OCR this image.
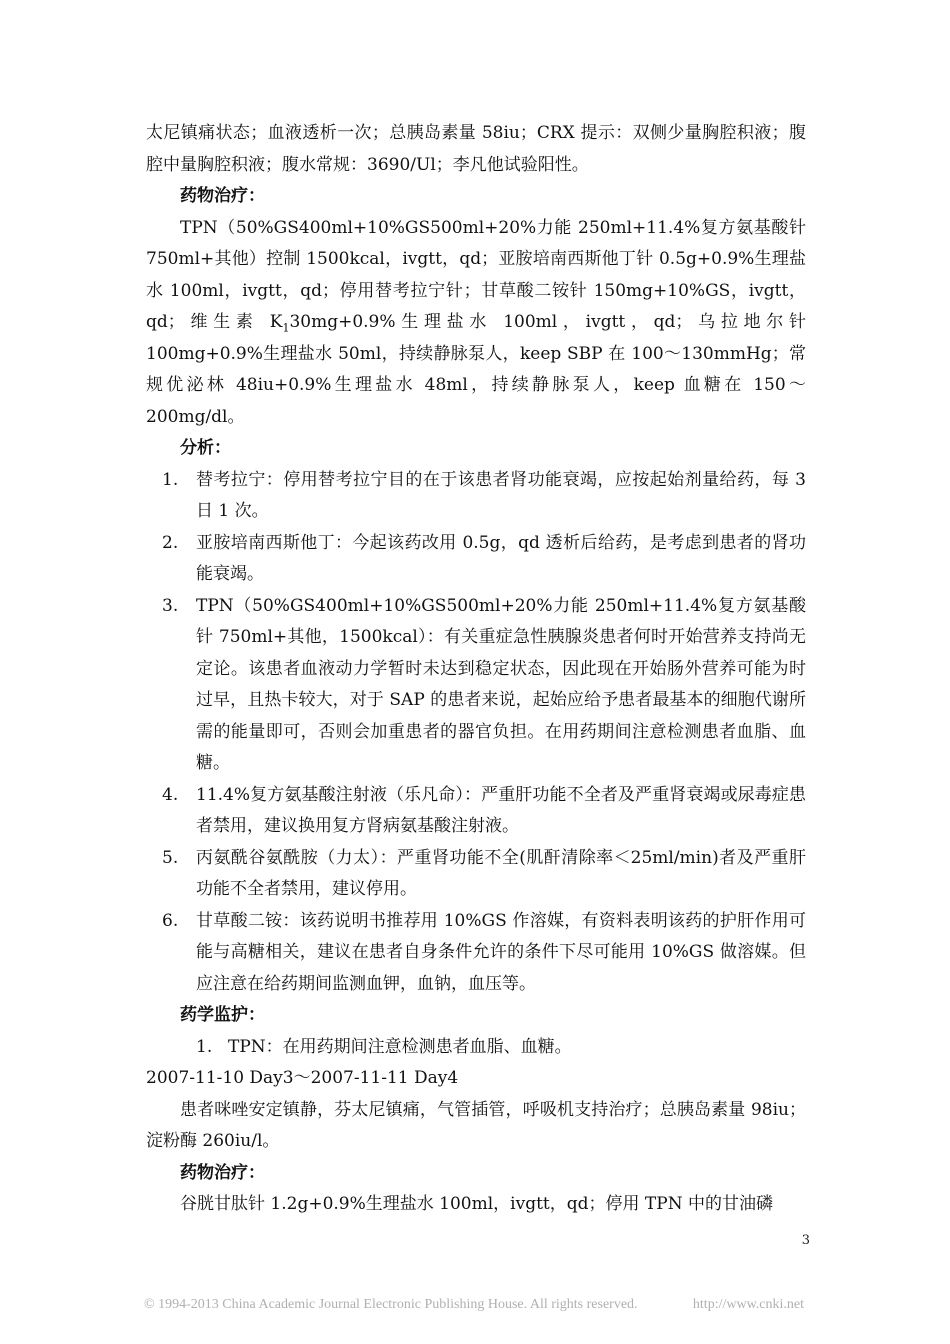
太尼镇痛状态；血液透析一次；总胰岛素量 58iu；CRX 提示：双侧少量胸腔积液；腹腔中量胸腔积液；腹水常规：3690/Ul；李凡他试验阳性。

药物治疗：

TPN（50%GS400ml+10%GS500ml+20%力能 250ml+11.4%复方氨基酸针 750ml+其他）控制 1500kcal，ivgtt，qd；亚胺培南西斯他丁针 0.5g+0.9%生理盐水 100ml，ivgtt，qd；停用替考拉宁针；甘草酸二铵针 150mg+10%GS，ivgtt，qd；维生素 $K_130mg+0.9\%$生理盐水 100ml，ivgtt，qd；乌拉地尔针 100mg+0.9%生理盐水 50ml，持续静脉泵人，keep SBP 在 100～130mmHg；常规优泌林 48iu+0.9%生理盐水 48ml，持续静脉泵人，keep 血糖在 150～200mg/dl。

分析：

1.	替考拉宁：停用替考拉宁目的在于该患者肾功能衰竭，应按起始剂量给药，每 3 日 1 次。
2.	亚胺培南西斯他丁：今起该药改用 0.5g，qd 透析后给药，是考虑到患者的肾功能衰竭。
3.	TPN（50%GS400ml+10%GS500ml+20%力能 250ml+11.4%复方氨基酸针 750ml+其他，1500kcal）：有关重症急性胰腺炎患者何时开始营养支持尚无定论。该患者血液动力学暂时未达到稳定状态，因此现在开始肠外营养可能为时过早，且热卡较大，对于 SAP 的患者来说，起始应给予患者最基本的细胞代谢所需的能量即可，否则会加重患者的器官负担。在用药期间注意检测患者血脂、血糖。
4.	11.4%复方氨基酸注射液（乐凡命）：严重肝功能不全者及严重肾衰竭或尿毒症患者禁用，建议换用复方肾病氨基酸注射液。
5.	丙氨酰谷氨酰胺（力太）：严重肾功能不全(肌酐清除率＜25ml/min)者及严重肝功能不全者禁用，建议停用。
6.	甘草酸二铵：该药说明书推荐用 10%GS 作溶媒，有资料表明该药的护肝作用可能与高糖相关，建议在患者自身条件允许的条件下尽可能用 10%GS 做溶媒。但应注意在给药期间监测血钾，血钠，血压等。

药学监护：

1. TPN：在用药期间注意检测患者血脂、血糖。

2007-11-10 Day3～2007-11-11 Day4

患者咪唑安定镇静，芬太尼镇痛，气管插管，呼吸机支持治疗；总胰岛素量 98iu；淀粉酶 260iu/l。

药物治疗：

谷胱甘肽针 1.2g+0.9%生理盐水 100ml，ivgtt，qd；停用 TPN 中的甘油磷

3
© 1994-2013 China Academic Journal Electronic Publishing House. All rights reserved.	http://www.cnki.net
